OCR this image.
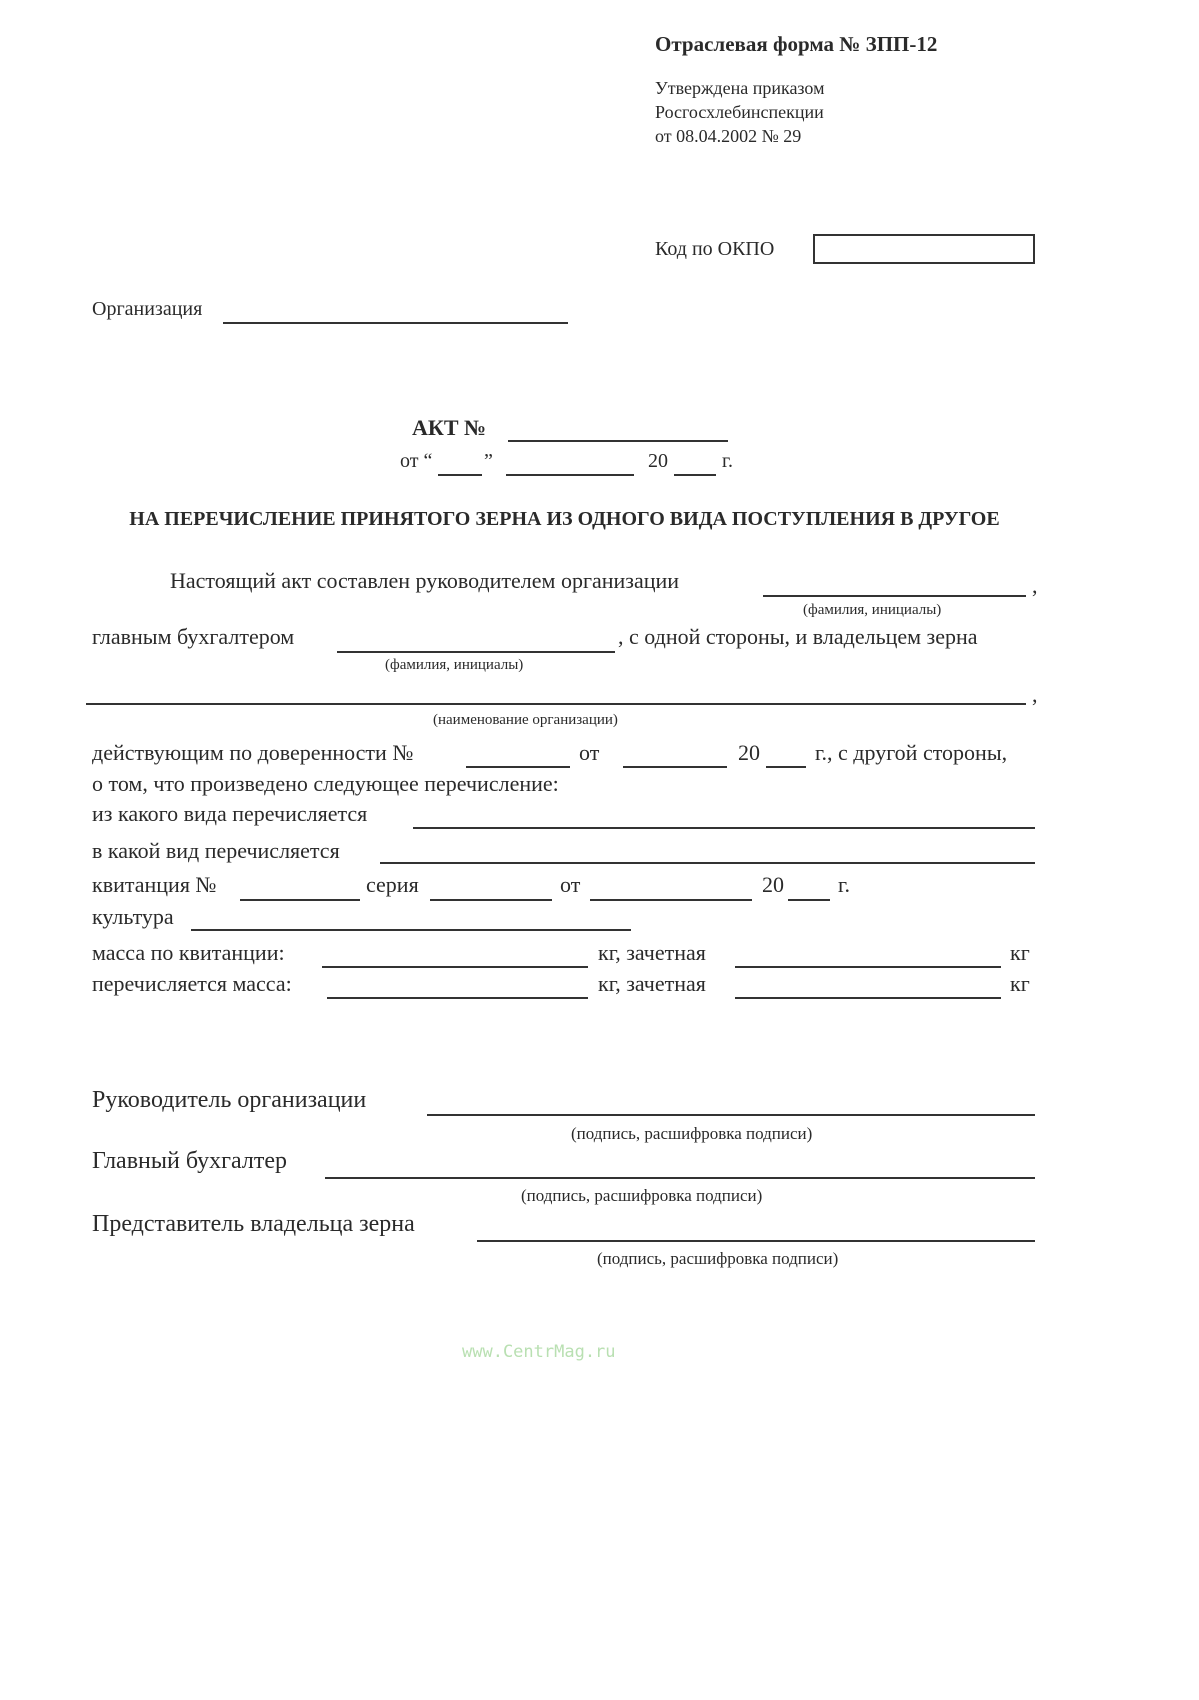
Отраслевая форма № ЗПП-12
Утверждена приказом
Росгосхлебинспекции
от 08.04.2002 № 29
Код по ОКПО
Организация
АКТ №
от “	”	20	г.
НА ПЕРЕЧИСЛЕНИЕ ПРИНЯТОГО ЗЕРНА ИЗ ОДНОГО ВИДА ПОСТУПЛЕНИЯ В ДРУГОЕ
Настоящий акт составлен руководителем организации	,
(фамилия, инициалы)
главным бухгалтером	, с одной стороны, и владельцем зерна
(фамилия, инициалы)
,
(наименование организации)
действующим по доверенности №	от	20	г., с другой стороны,
о том, что произведено следующее перечисление:
из какого вида перечисляется
в какой вид перечисляется
квитанция №	серия	от	20 г.
культура
масса по квитанции:	кг, зачетная	кг
перечисляется масса:	кг, зачетная	кг
Руководитель организации
(подпись, расшифровка подписи)
Главный бухгалтер
(подпись, расшифровка подписи)
Представитель владельца зерна
(подпись, расшифровка подписи)
www.CentrMag.ru
